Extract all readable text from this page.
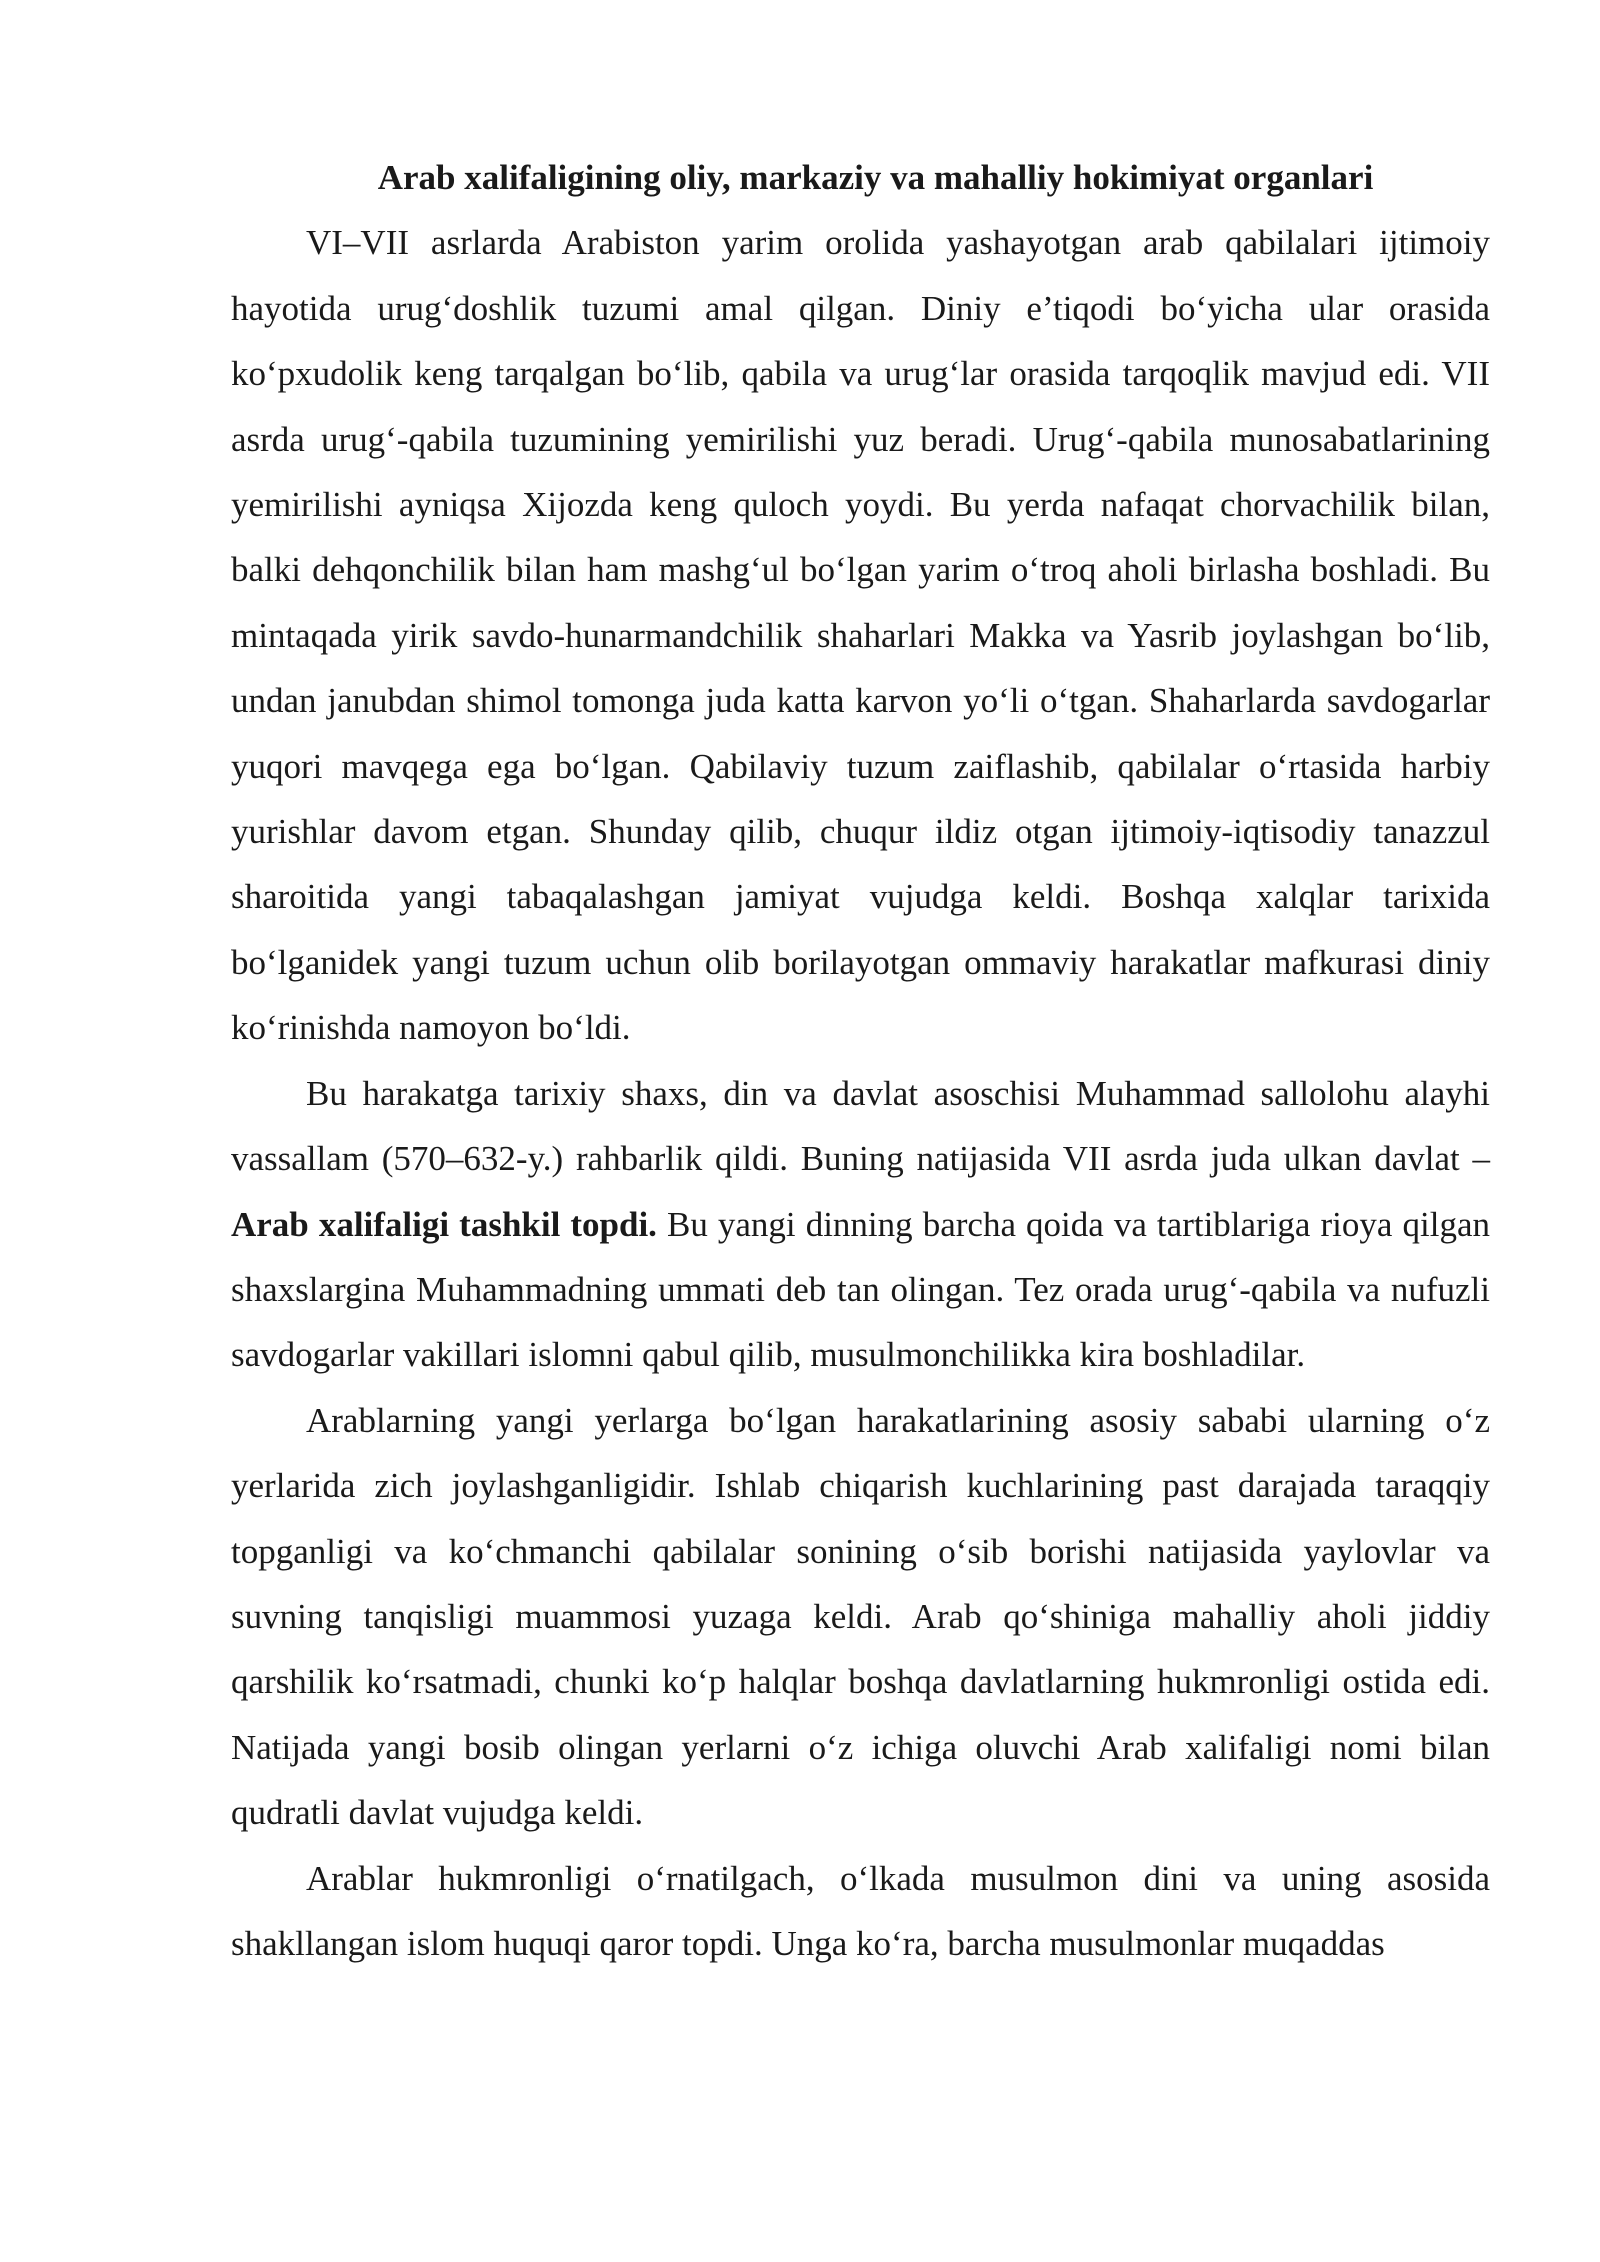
Arab xalifaligining oliy, markaziy va mahalliy hokimiyat organlari

VI–VII asrlarda Arabiston yarim orolida yashayotgan arab qabilalari ijtimoiy hayotida urug‘doshlik tuzumi amal qilgan. Diniy e’tiqodi bo‘yicha ular orasida ko‘pxudolik keng tarqalgan bo‘lib, qabila va urug‘lar orasida tarqoqlik mavjud edi. VII asrda urug‘-qabila tuzumining yemirilishi yuz beradi. Urug‘-qabila munosabatlarining yemirilishi ayniqsa Xijozda keng quloch yoydi. Bu yerda nafaqat chorvachilik bilan, balki dehqonchilik bilan ham mashg‘ul bo‘lgan yarim o‘troq aholi birlasha boshladi. Bu mintaqada yirik savdo-hunarmandchilik shaharlari Makka va Yasrib joylashgan bo‘lib, undan janubdan shimol tomonga juda katta karvon yo‘li o‘tgan. Shaharlarda savdogarlar yuqori mavqega ega bo‘lgan. Qabilaviy tuzum zaiflashib, qabilalar o‘rtasida harbiy yurishlar davom etgan. Shunday qilib, chuqur ildiz otgan ijtimoiy-iqtisodiy tanazzul sharoitida yangi tabaqalashgan jamiyat vujudga keldi. Boshqa xalqlar tarixida bo‘lganidek yangi tuzum uchun olib borilayotgan ommaviy harakatlar mafkurasi diniy ko‘rinishda namoyon bo‘ldi.

Bu harakatga tarixiy shaxs, din va davlat asoschisi Muhammad sallolohu alayhi vassallam (570–632-y.) rahbarlik qildi. Buning natijasida VII asrda juda ulkan davlat – Arab xalifaligi tashkil topdi. Bu yangi dinning barcha qoida va tartiblariga rioya qilgan shaxslargina Muhammadning ummati deb tan olingan. Tez orada urug‘-qabila va nufuzli savdogarlar vakillari islomni qabul qilib, musulmonchilikka kira boshladilar.

Arablarning yangi yerlarga bo‘lgan harakatlarining asosiy sababi ularning o‘z yerlarida zich joylashganligidir. Ishlab chiqarish kuchlarining past darajada taraqqiy topganligi va ko‘chmanchi qabilalar sonining o‘sib borishi natijasida yaylovlar va suvning tanqisligi muammosi yuzaga keldi. Arab qo‘shiniga mahalliy aholi jiddiy qarshilik ko‘rsatmadi, chunki ko‘p halqlar boshqa davlatlarning hukmronligi ostida edi. Natijada yangi bosib olingan yerlarni o‘z ichiga oluvchi Arab xalifaligi nomi bilan qudratli davlat vujudga keldi.

Arablar hukmronligi o‘rnatilgach, o‘lkada musulmon dini va uning asosida shakllangan islom huquqi qaror topdi. Unga ko‘ra, barcha musulmonlar muqaddas
